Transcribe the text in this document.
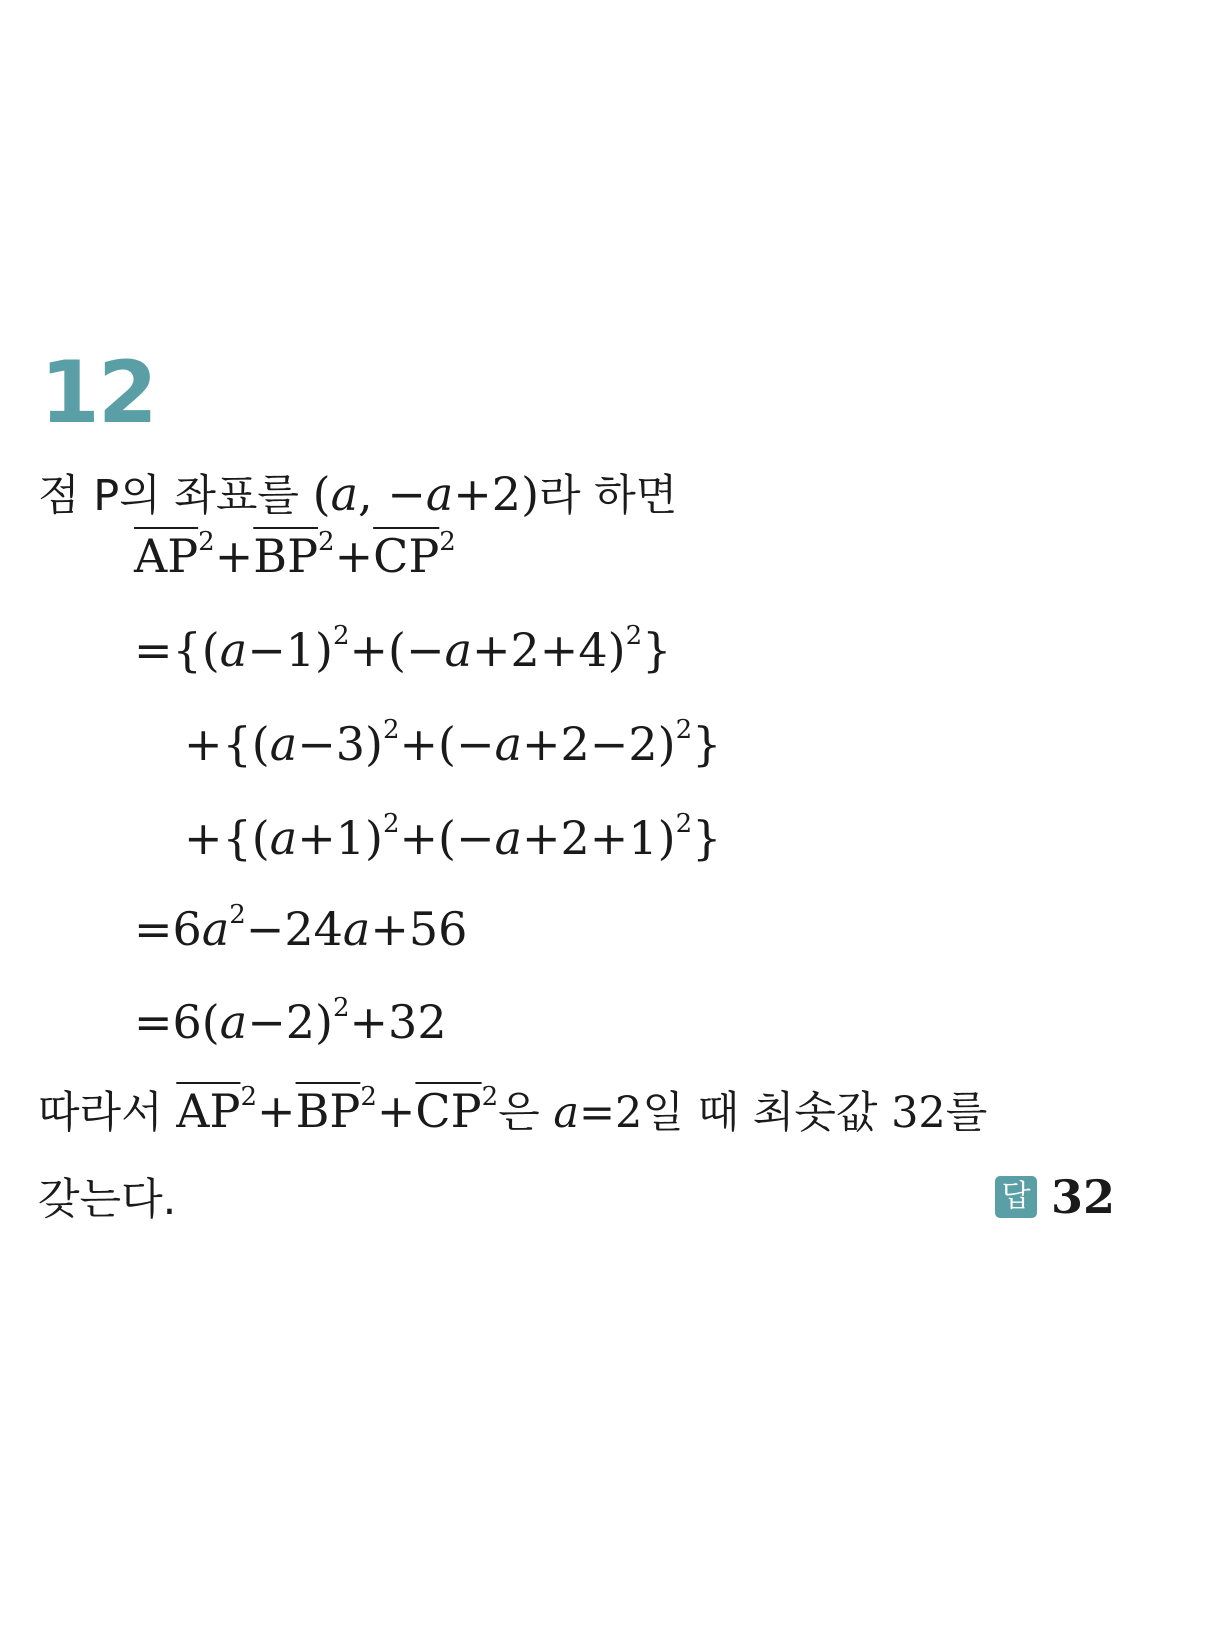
12
점 P의 좌표를 (a, −a+2)라 하면
$\overline{AP}^2+\overline{BP}^2+\overline{CP}^2$
$=\{(a-1)^2+(-a+2+4)^2\}$
$+\{(a-3)^2+(-a+2-2)^2\}$
$+\{(a+1)^2+(-a+2+1)^2\}$
$=6a^2-24a+56$
$=6(a-2)^2+32$
따라서 $\overline{AP}^2+\overline{BP}^2+\overline{CP}^2$은 a=2일 때 최솟값 32를
갖는다.	답 32
